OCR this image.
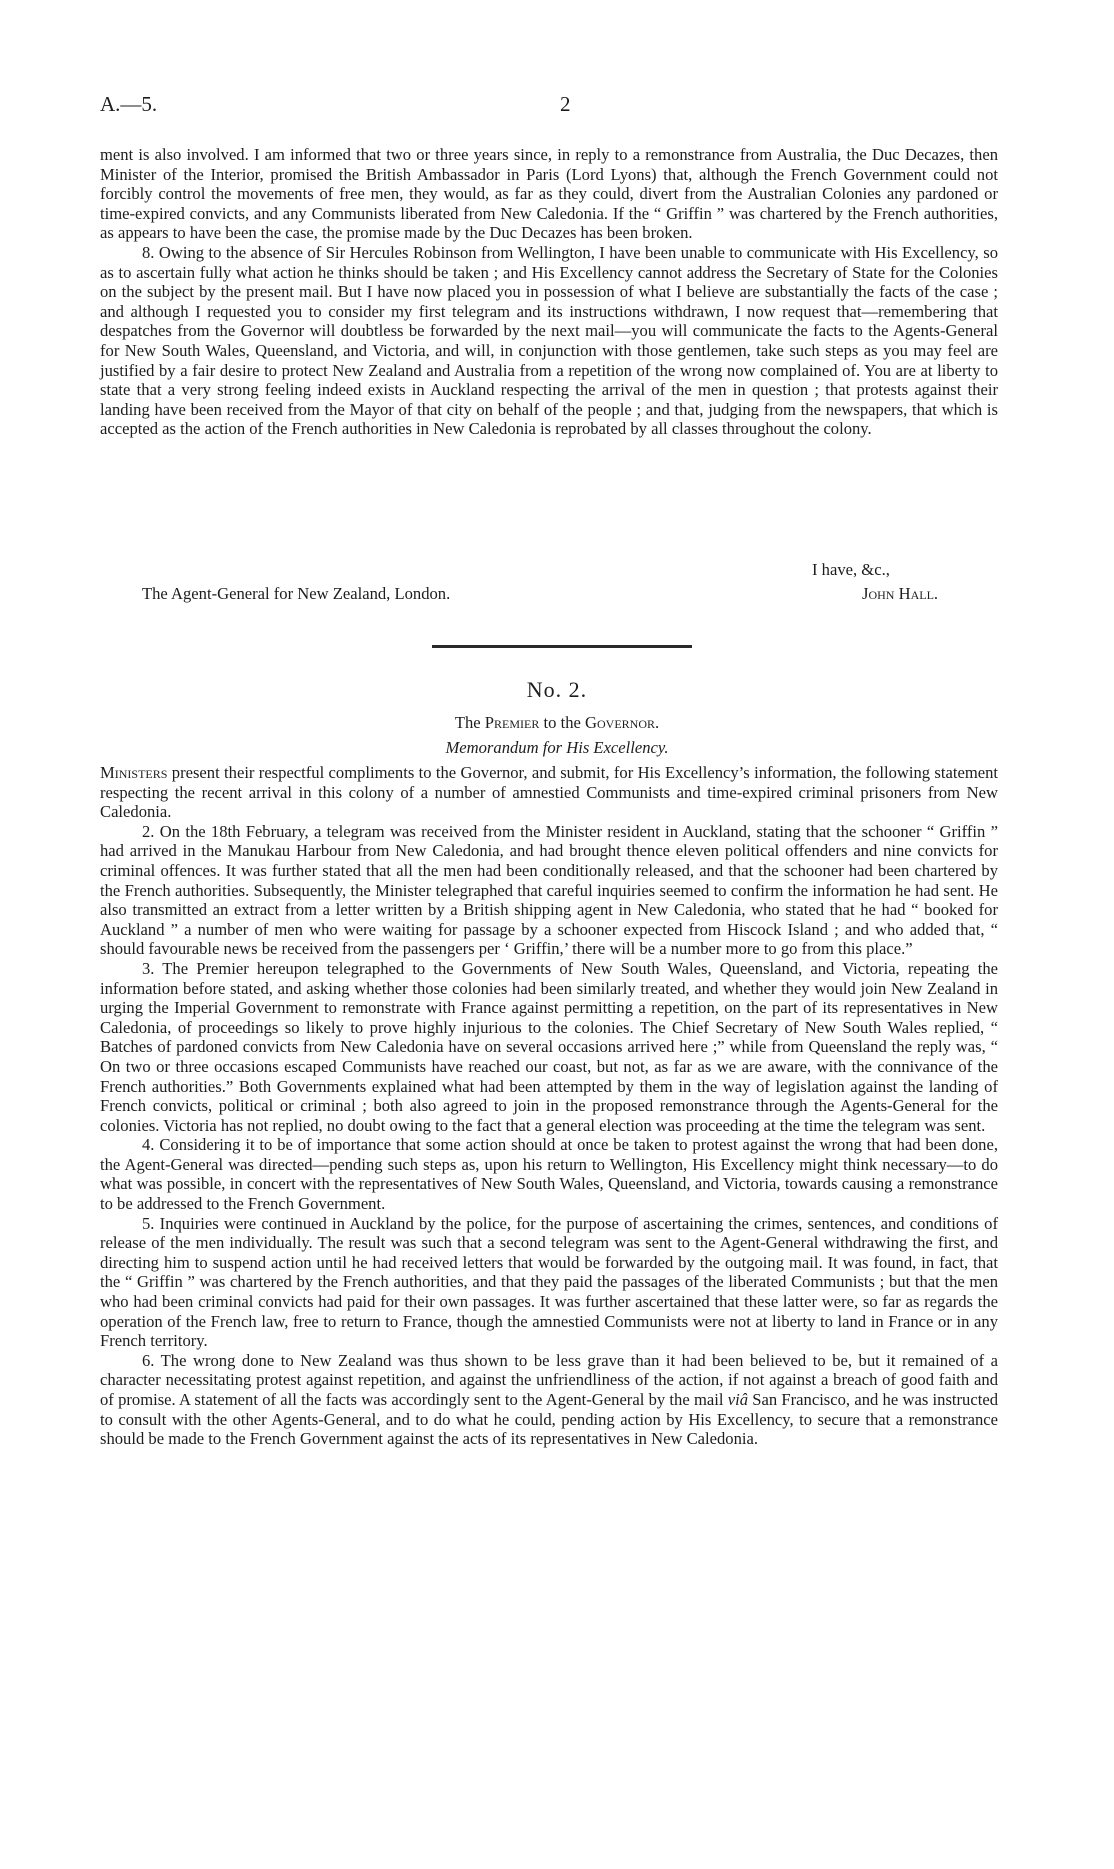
A.—5.	2

ment is also involved. I am informed that two or three years since, in reply to a remonstrance from Australia, the Duc Decazes, then Minister of the Interior, promised the British Ambassador in Paris (Lord Lyons) that, although the French Government could not forcibly control the movements of free men, they would, as far as they could, divert from the Australian Colonies any pardoned or time-expired convicts, and any Communists liberated from New Caledonia. If the “ Griffin ” was chartered by the French authorities, as appears to have been the case, the promise made by the Duc Decazes has been broken.

8. Owing to the absence of Sir Hercules Robinson from Wellington, I have been unable to communicate with His Excellency, so as to ascertain fully what action he thinks should be taken ; and His Excellency cannot address the Secretary of State for the Colonies on the subject by the present mail. But I have now placed you in possession of what I believe are substantially the facts of the case ; and although I requested you to consider my first telegram and its instructions withdrawn, I now request that—remembering that despatches from the Governor will doubtless be forwarded by the next mail—you will communicate the facts to the Agents-General for New South Wales, Queensland, and Victoria, and will, in conjunction with those gentlemen, take such steps as you may feel are justified by a fair desire to protect New Zealand and Australia from a repetition of the wrong now complained of. You are at liberty to state that a very strong feeling indeed exists in Auckland respecting the arrival of the men in question ; that protests against their landing have been received from the Mayor of that city on behalf of the people ; and that, judging from the newspapers, that which is accepted as the action of the French authorities in New Caledonia is reprobated by all classes throughout the colony.

I have, &c.,
The Agent-General for New Zealand, London.	John Hall.
No. 2.
The Premier to the Governor.
Memorandum for His Excellency.

Ministers present their respectful compliments to the Governor, and submit, for His Excellency’s information, the following statement respecting the recent arrival in this colony of a number of amnestied Communists and time-expired criminal prisoners from New Caledonia.

2. On the 18th February, a telegram was received from the Minister resident in Auckland, stating that the schooner “ Griffin ” had arrived in the Manukau Harbour from New Caledonia, and had brought thence eleven political offenders and nine convicts for criminal offences. It was further stated that all the men had been conditionally released, and that the schooner had been chartered by the French authorities. Subsequently, the Minister telegraphed that careful inquiries seemed to confirm the information he had sent. He also transmitted an extract from a letter written by a British shipping agent in New Caledonia, who stated that he had “ booked for Auckland ” a number of men who were waiting for passage by a schooner expected from Hiscock Island ; and who added that, “ should favourable news be received from the passengers per ‘ Griffin,’ there will be a number more to go from this place.”

3. The Premier hereupon telegraphed to the Governments of New South Wales, Queensland, and Victoria, repeating the information before stated, and asking whether those colonies had been similarly treated, and whether they would join New Zealand in urging the Imperial Government to remonstrate with France against permitting a repetition, on the part of its representatives in New Caledonia, of proceedings so likely to prove highly injurious to the colonies. The Chief Secretary of New South Wales replied, “ Batches of pardoned convicts from New Caledonia have on several occasions arrived here ;” while from Queensland the reply was, “ On two or three occasions escaped Communists have reached our coast, but not, as far as we are aware, with the connivance of the French authorities.” Both Governments explained what had been attempted by them in the way of legislation against the landing of French convicts, political or criminal ; both also agreed to join in the proposed remonstrance through the Agents-General for the colonies. Victoria has not replied, no doubt owing to the fact that a general election was proceeding at the time the telegram was sent.

4. Considering it to be of importance that some action should at once be taken to protest against the wrong that had been done, the Agent-General was directed—pending such steps as, upon his return to Wellington, His Excellency might think necessary—to do what was possible, in concert with the representatives of New South Wales, Queensland, and Victoria, towards causing a remonstrance to be addressed to the French Government.

5. Inquiries were continued in Auckland by the police, for the purpose of ascertaining the crimes, sentences, and conditions of release of the men individually. The result was such that a second telegram was sent to the Agent-General withdrawing the first, and directing him to suspend action until he had received letters that would be forwarded by the outgoing mail. It was found, in fact, that the “ Griffin ” was chartered by the French authorities, and that they paid the passages of the liberated Communists ; but that the men who had been criminal convicts had paid for their own passages. It was further ascertained that these latter were, so far as regards the operation of the French law, free to return to France, though the amnestied Communists were not at liberty to land in France or in any French territory.

6. The wrong done to New Zealand was thus shown to be less grave than it had been believed to be, but it remained of a character necessitating protest against repetition, and against the unfriendliness of the action, if not against a breach of good faith and of promise. A statement of all the facts was accordingly sent to the Agent-General by the mail viâ San Francisco, and he was instructed to consult with the other Agents-General, and to do what he could, pending action by His Excellency, to secure that a remonstrance should be made to the French Government against the acts of its representatives in New Caledonia.
